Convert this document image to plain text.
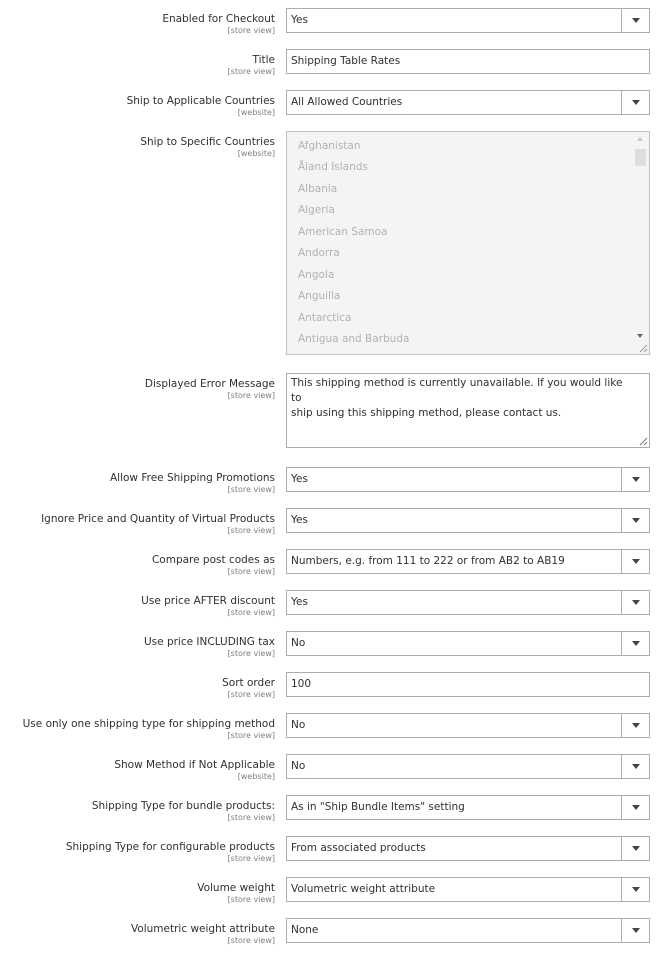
Enabled for Checkout
[store view]
Yes
Title
[store view]
Shipping Table Rates
Ship to Applicable Countries
[website]
All Allowed Countries
Ship to Specific Countries
[website]
Afghanistan
Åland Islands
Albania
Algeria
American Samoa
Andorra
Angola
Anguilla
Antarctica
Antigua and Barbuda
Displayed Error Message
[store view]
This shipping method is currently unavailable. If you would like to
ship using this shipping method, please contact us.
Allow Free Shipping Promotions
[store view]
Yes
Ignore Price and Quantity of Virtual Products
[store view]
Yes
Compare post codes as
[store view]
Numbers, e.g. from 111 to 222 or from AB2 to AB19
Use price AFTER discount
[store view]
Yes
Use price INCLUDING tax
[store view]
No
Sort order
[store view]
100
Use only one shipping type for shipping method
[store view]
No
Show Method if Not Applicable
[website]
No
Shipping Type for bundle products:
[store view]
As in "Ship Bundle Items" setting
Shipping Type for configurable products
[store view]
From associated products
Volume weight
[store view]
Volumetric weight attribute
Volumetric weight attribute
[store view]
None
